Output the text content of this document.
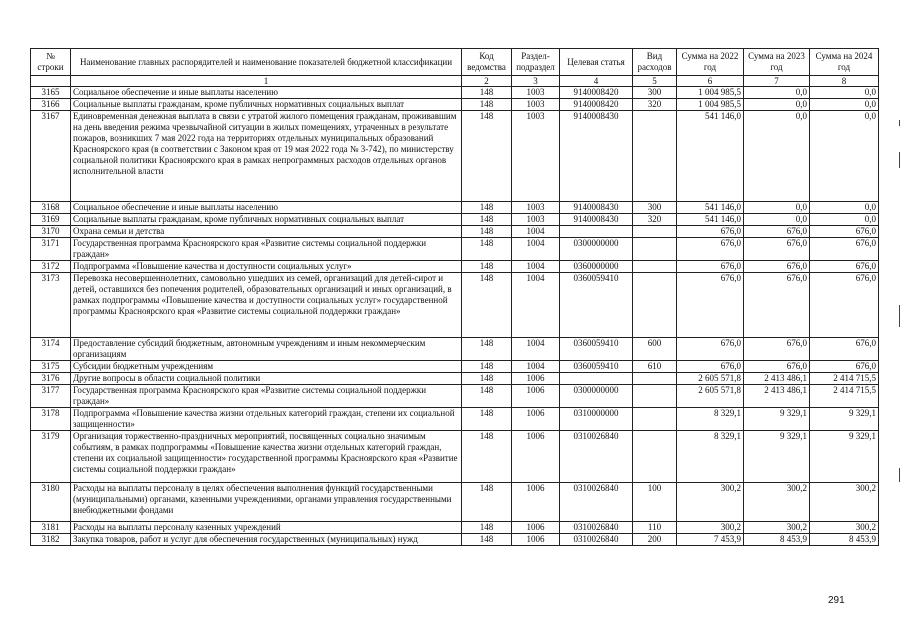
№ строки	Наименование главных распорядителей и наименование показателей бюджетной классификации	Код ведомства	Раздел-подраздел	Целевая статья	Вид расходов	Сумма на 2022 год	Сумма на 2023 год	Сумма на 2024 год
	1	2	3	4	5	6	7	8
3165	Социальное обеспечение и иные выплаты населению	148	1003	9140008420	300	1 004 985,5	0,0	0,0
3166	Социальные выплаты гражданам, кроме публичных нормативных социальных выплат	148	1003	9140008420	320	1 004 985,5	0,0	0,0
3167	Единовременная денежная выплата в связи с утратой жилого помещения гражданам, проживавшим на день введения режима чрезвычайной ситуации в жилых помещениях, утраченных в результате пожаров, возникших 7 мая 2022 года на территориях отдельных муниципальных образований Красноярского края (в соответствии с Законом края от 19 мая 2022 года № 3-742), по министерству социальной политики Красноярского края в рамках непрограммных расходов отдельных органов исполнительной власти	148	1003	9140008430		541 146,0	0,0	0,0
3168	Социальное обеспечение и иные выплаты населению	148	1003	9140008430	300	541 146,0	0,0	0,0
3169	Социальные выплаты гражданам, кроме публичных нормативных социальных выплат	148	1003	9140008430	320	541 146,0	0,0	0,0
3170	Охрана семьи и детства	148	1004			676,0	676,0	676,0
3171	Государственная программа Красноярского края «Развитие системы социальной поддержки граждан»	148	1004	0300000000		676,0	676,0	676,0
3172	Подпрограмма «Повышение качества и доступности социальных услуг»	148	1004	0360000000		676,0	676,0	676,0
3173	Перевозка несовершеннолетних, самовольно ушедших из семей, организаций для детей-сирот и детей, оставшихся без попечения родителей, образовательных организаций и иных организаций, в рамках подпрограммы «Повышение качества и доступности социальных услуг» государственной программы Красноярского края «Развитие системы социальной поддержки граждан»	148	1004	0360059410		676,0	676,0	676,0
3174	Предоставление субсидий бюджетным, автономным учреждениям и иным некоммерческим организациям	148	1004	0360059410	600	676,0	676,0	676,0
3175	Субсидии бюджетным учреждениям	148	1004	0360059410	610	676,0	676,0	676,0
3176	Другие вопросы в области социальной политики	148	1006			2 605 571,8	2 413 486,1	2 414 715,5
3177	Государственная программа Красноярского края «Развитие системы социальной поддержки граждан»	148	1006	0300000000		2 605 571,8	2 413 486,1	2 414 715,5
3178	Подпрограмма «Повышение качества жизни отдельных категорий граждан, степени их социальной защищенности»	148	1006	0310000000		8 329,1	9 329,1	9 329,1
3179	Организация торжественно-праздничных мероприятий, посвященных социально значимым событиям, в рамках подпрограммы «Повышение качества жизни отдельных категорий граждан, степени их социальной защищенности» государственной программы Красноярского края «Развитие системы социальной поддержки граждан»	148	1006	0310026840		8 329,1	9 329,1	9 329,1
3180	Расходы на выплаты персоналу в целях обеспечения выполнения функций государственными (муниципальными) органами, казенными учреждениями, органами управления государственными внебюджетными фондами	148	1006	0310026840	100	300,2	300,2	300,2
3181	Расходы на выплаты персоналу казенных учреждений	148	1006	0310026840	110	300,2	300,2	300,2
3182	Закупка товаров, работ и услуг для обеспечения государственных (муниципальных) нужд	148	1006	0310026840	200	7 453,9	8 453,9	8 453,9
291
